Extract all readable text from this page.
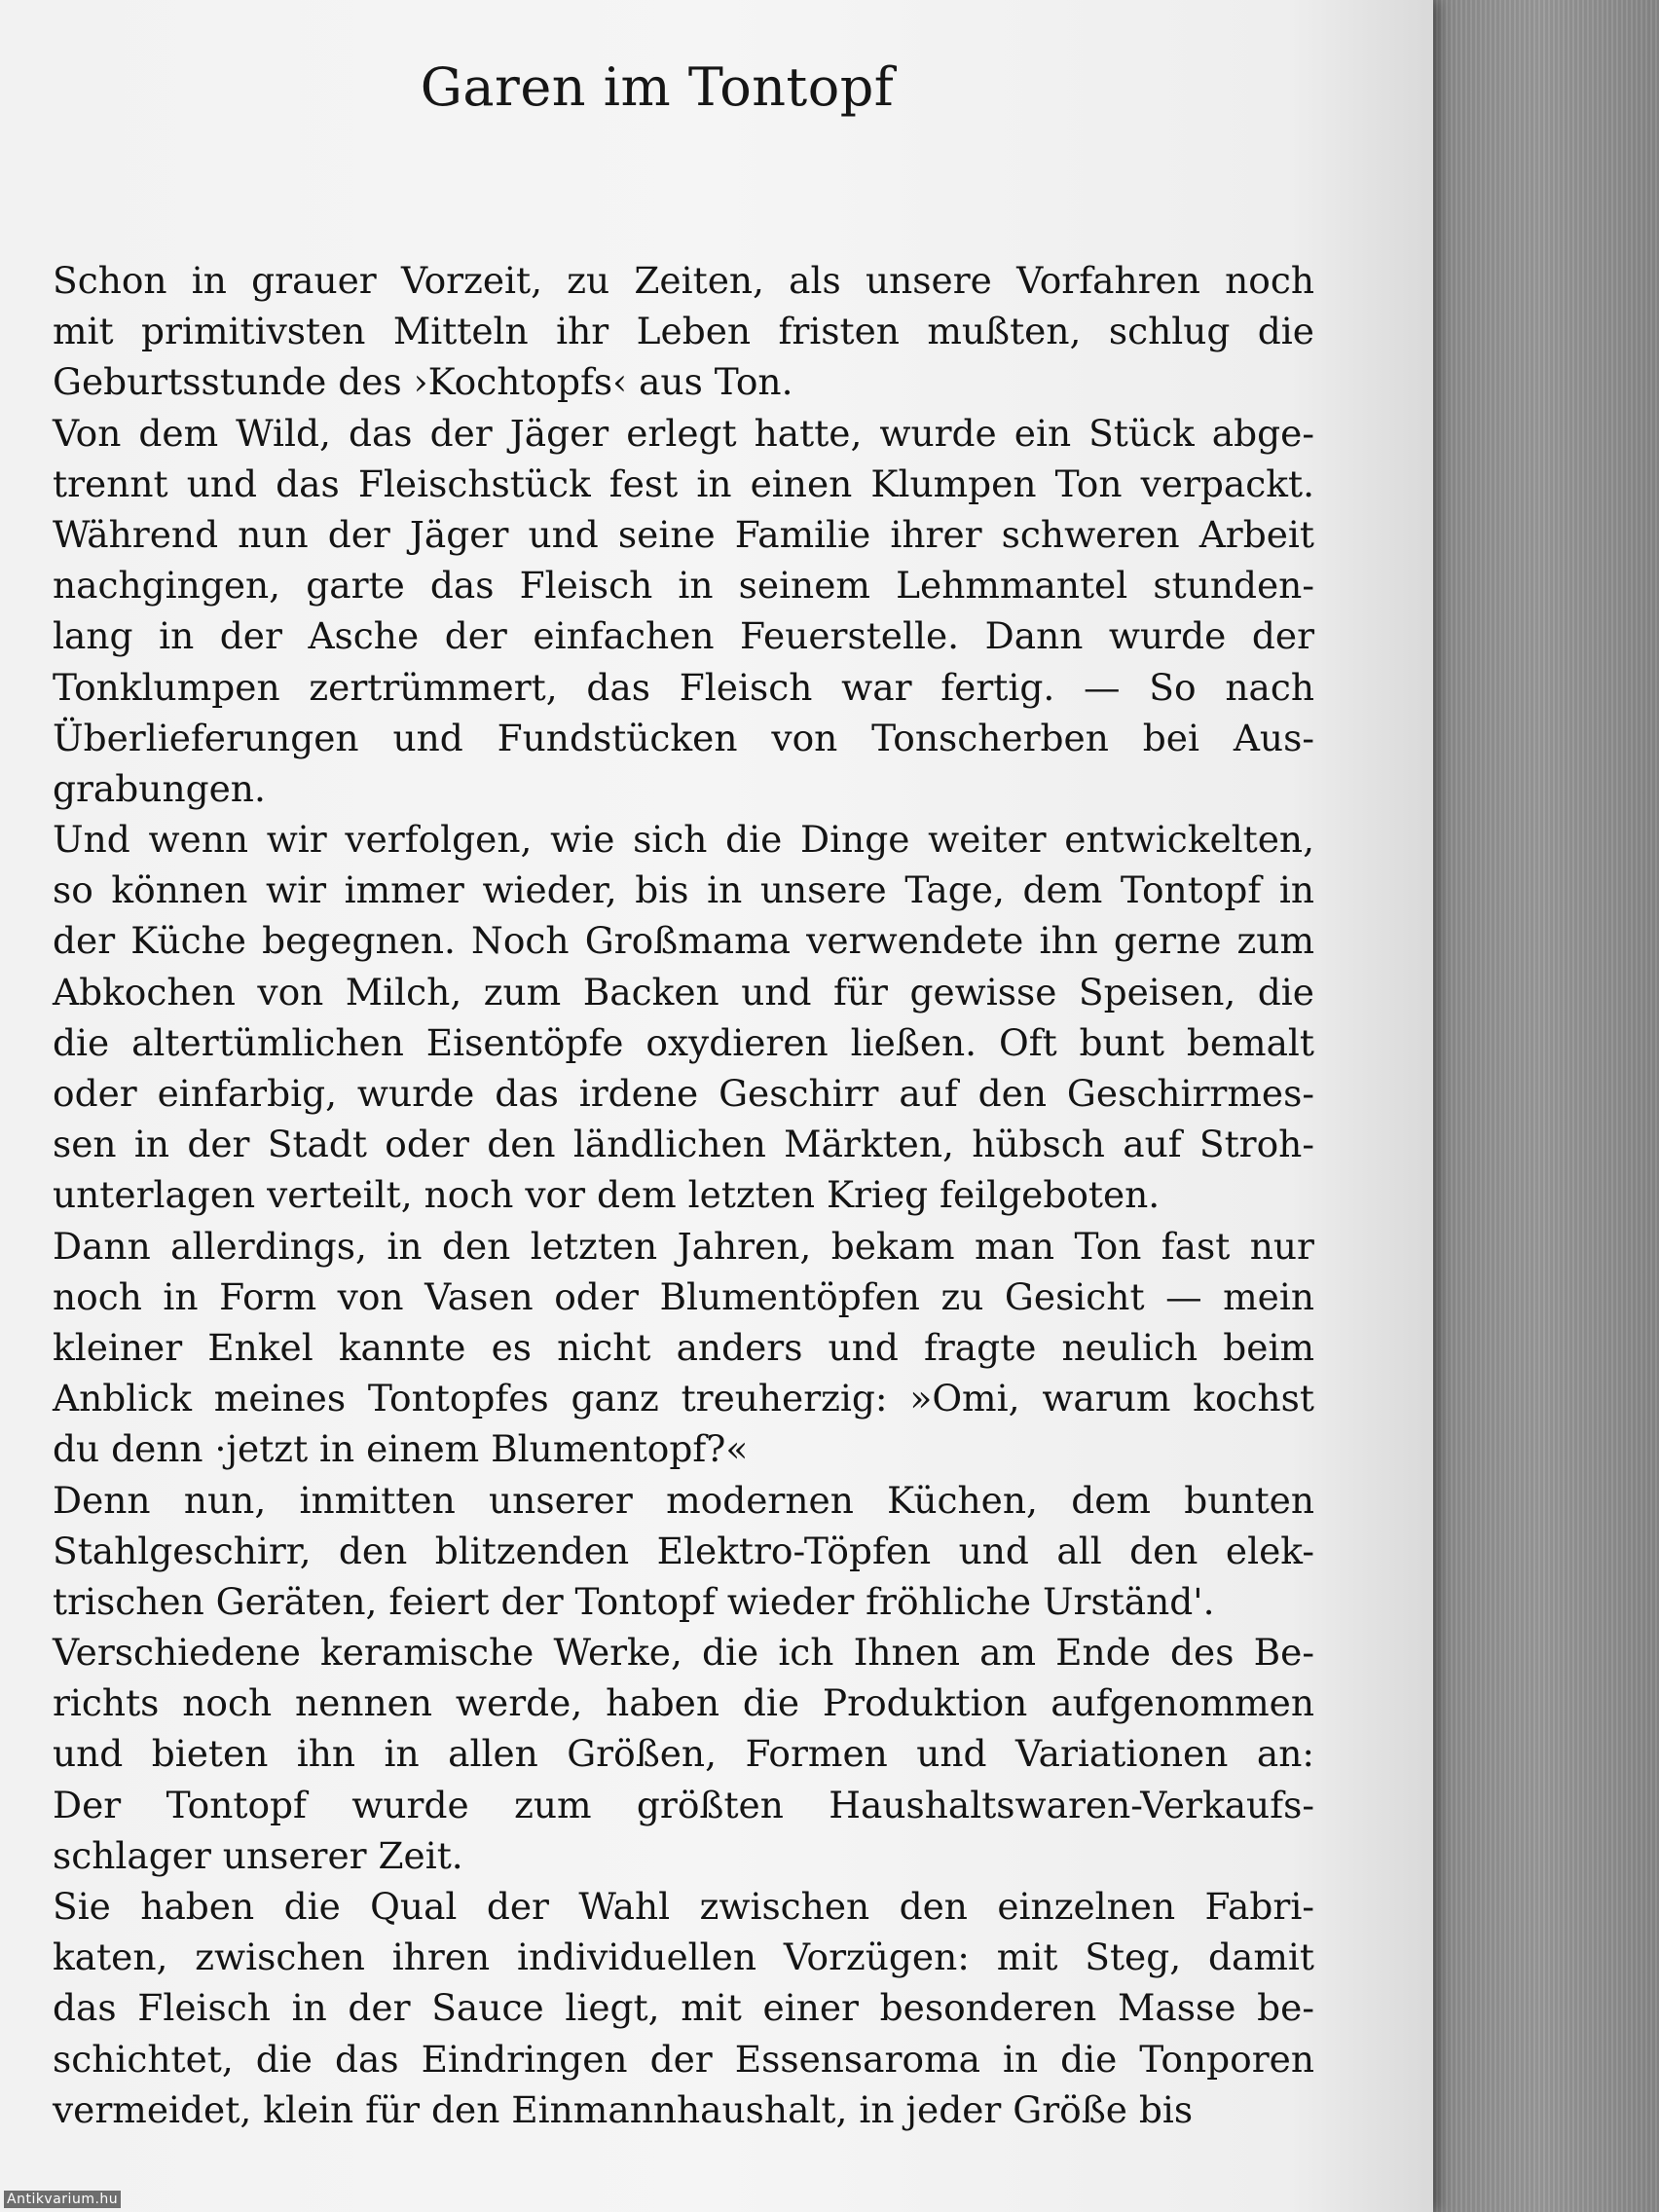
Garen im Tontopf
Schon in grauer Vorzeit, zu Zeiten, als unsere Vorfahren noch
mit primitivsten Mitteln ihr Leben fristen mußten, schlug die
Geburtsstunde des ›Kochtopfs‹ aus Ton.
Von dem Wild, das der Jäger erlegt hatte, wurde ein Stück abge-
trennt und das Fleischstück fest in einen Klumpen Ton verpackt.
Während nun der Jäger und seine Familie ihrer schweren Arbeit
nachgingen, garte das Fleisch in seinem Lehmmantel stunden-
lang in der Asche der einfachen Feuerstelle. Dann wurde der
Tonklumpen zertrümmert, das Fleisch war fertig. — So nach
Überlieferungen und Fundstücken von Tonscherben bei Aus-
grabungen.
Und wenn wir verfolgen, wie sich die Dinge weiter entwickelten,
so können wir immer wieder, bis in unsere Tage, dem Tontopf in
der Küche begegnen. Noch Großmama verwendete ihn gerne zum
Abkochen von Milch, zum Backen und für gewisse Speisen, die
die altertümlichen Eisentöpfe oxydieren ließen. Oft bunt bemalt
oder einfarbig, wurde das irdene Geschirr auf den Geschirrmes-
sen in der Stadt oder den ländlichen Märkten, hübsch auf Stroh-
unterlagen verteilt, noch vor dem letzten Krieg feilgeboten.
Dann allerdings, in den letzten Jahren, bekam man Ton fast nur
noch in Form von Vasen oder Blumentöpfen zu Gesicht — mein
kleiner Enkel kannte es nicht anders und fragte neulich beim
Anblick meines Tontopfes ganz treuherzig: »Omi, warum kochst
du denn ·jetzt in einem Blumentopf?«
Denn nun, inmitten unserer modernen Küchen, dem bunten
Stahlgeschirr, den blitzenden Elektro-Töpfen und all den elek-
trischen Geräten, feiert der Tontopf wieder fröhliche Urständ'.
Verschiedene keramische Werke, die ich Ihnen am Ende des Be-
richts noch nennen werde, haben die Produktion aufgenommen
und bieten ihn in allen Größen, Formen und Variationen an:
Der Tontopf wurde zum größten Haushaltswaren-Verkaufs-
schlager unserer Zeit.
Sie haben die Qual der Wahl zwischen den einzelnen Fabri-
katen, zwischen ihren individuellen Vorzügen: mit Steg, damit
das Fleisch in der Sauce liegt, mit einer besonderen Masse be-
schichtet, die das Eindringen der Essensaroma in die Tonporen
vermeidet, klein für den Einmannhaushalt, in jeder Größe bis
Antikvarium.hu
